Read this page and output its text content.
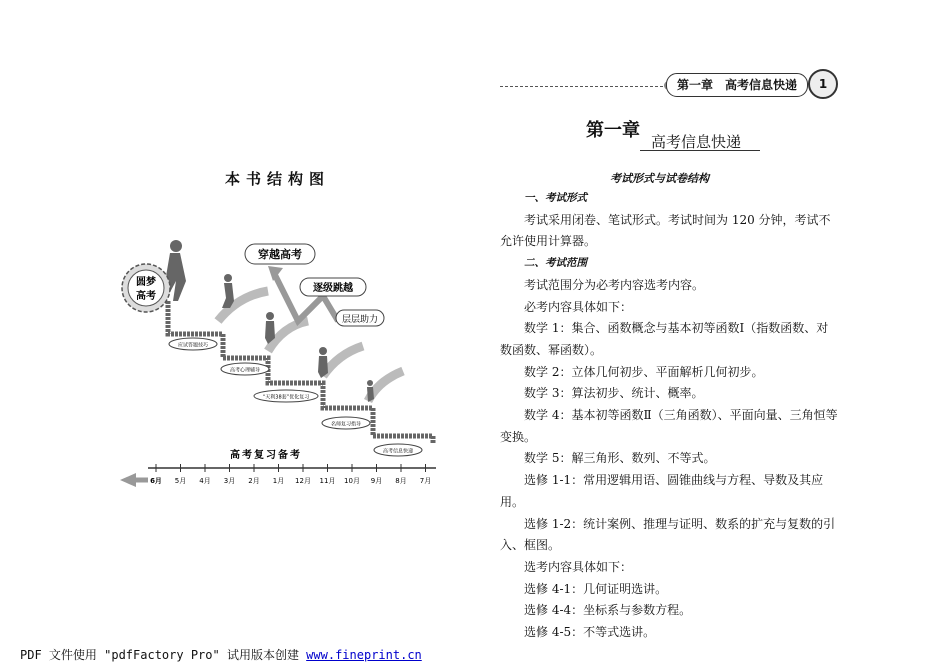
本书结构图
圆梦
高考
穿越高考
逐级跳越
层层助力
应试答题技巧
高考心理辅导
“天利38套”优化复习
名师复习指导
高考信息快递
高考复习备考
6月 5月 4月 3月 2月 1月 12月 11月 10月 9月 8月 7月
第一章　高考信息快递	1
第一章
高考信息快递
考试形式与试卷结构

一、考试形式

考试采用闭卷、笔试形式。考试时间为 120 分钟，考试不允许使用计算器。

二、考试范围

考试范围分为必考内容选考内容。

必考内容具体如下：

数学 1：集合、函数概念与基本初等函数Ⅰ（指数函数、对数函数、幂函数）。

数学 2：立体几何初步、平面解析几何初步。

数学 3：算法初步、统计、概率。

数学 4：基本初等函数Ⅱ（三角函数）、平面向量、三角恒等变换。

数学 5：解三角形、数列、不等式。

选修 1-1：常用逻辑用语、圆锥曲线与方程、导数及其应用。

选修 1-2：统计案例、推理与证明、数系的扩充与复数的引入、框图。

选考内容具体如下：

选修 4-1：几何证明选讲。

选修 4-4：坐标系与参数方程。

选修 4-5：不等式选讲。

PDF 文件使用 "pdfFactory Pro" 试用版本创建 www.fineprint.cn
